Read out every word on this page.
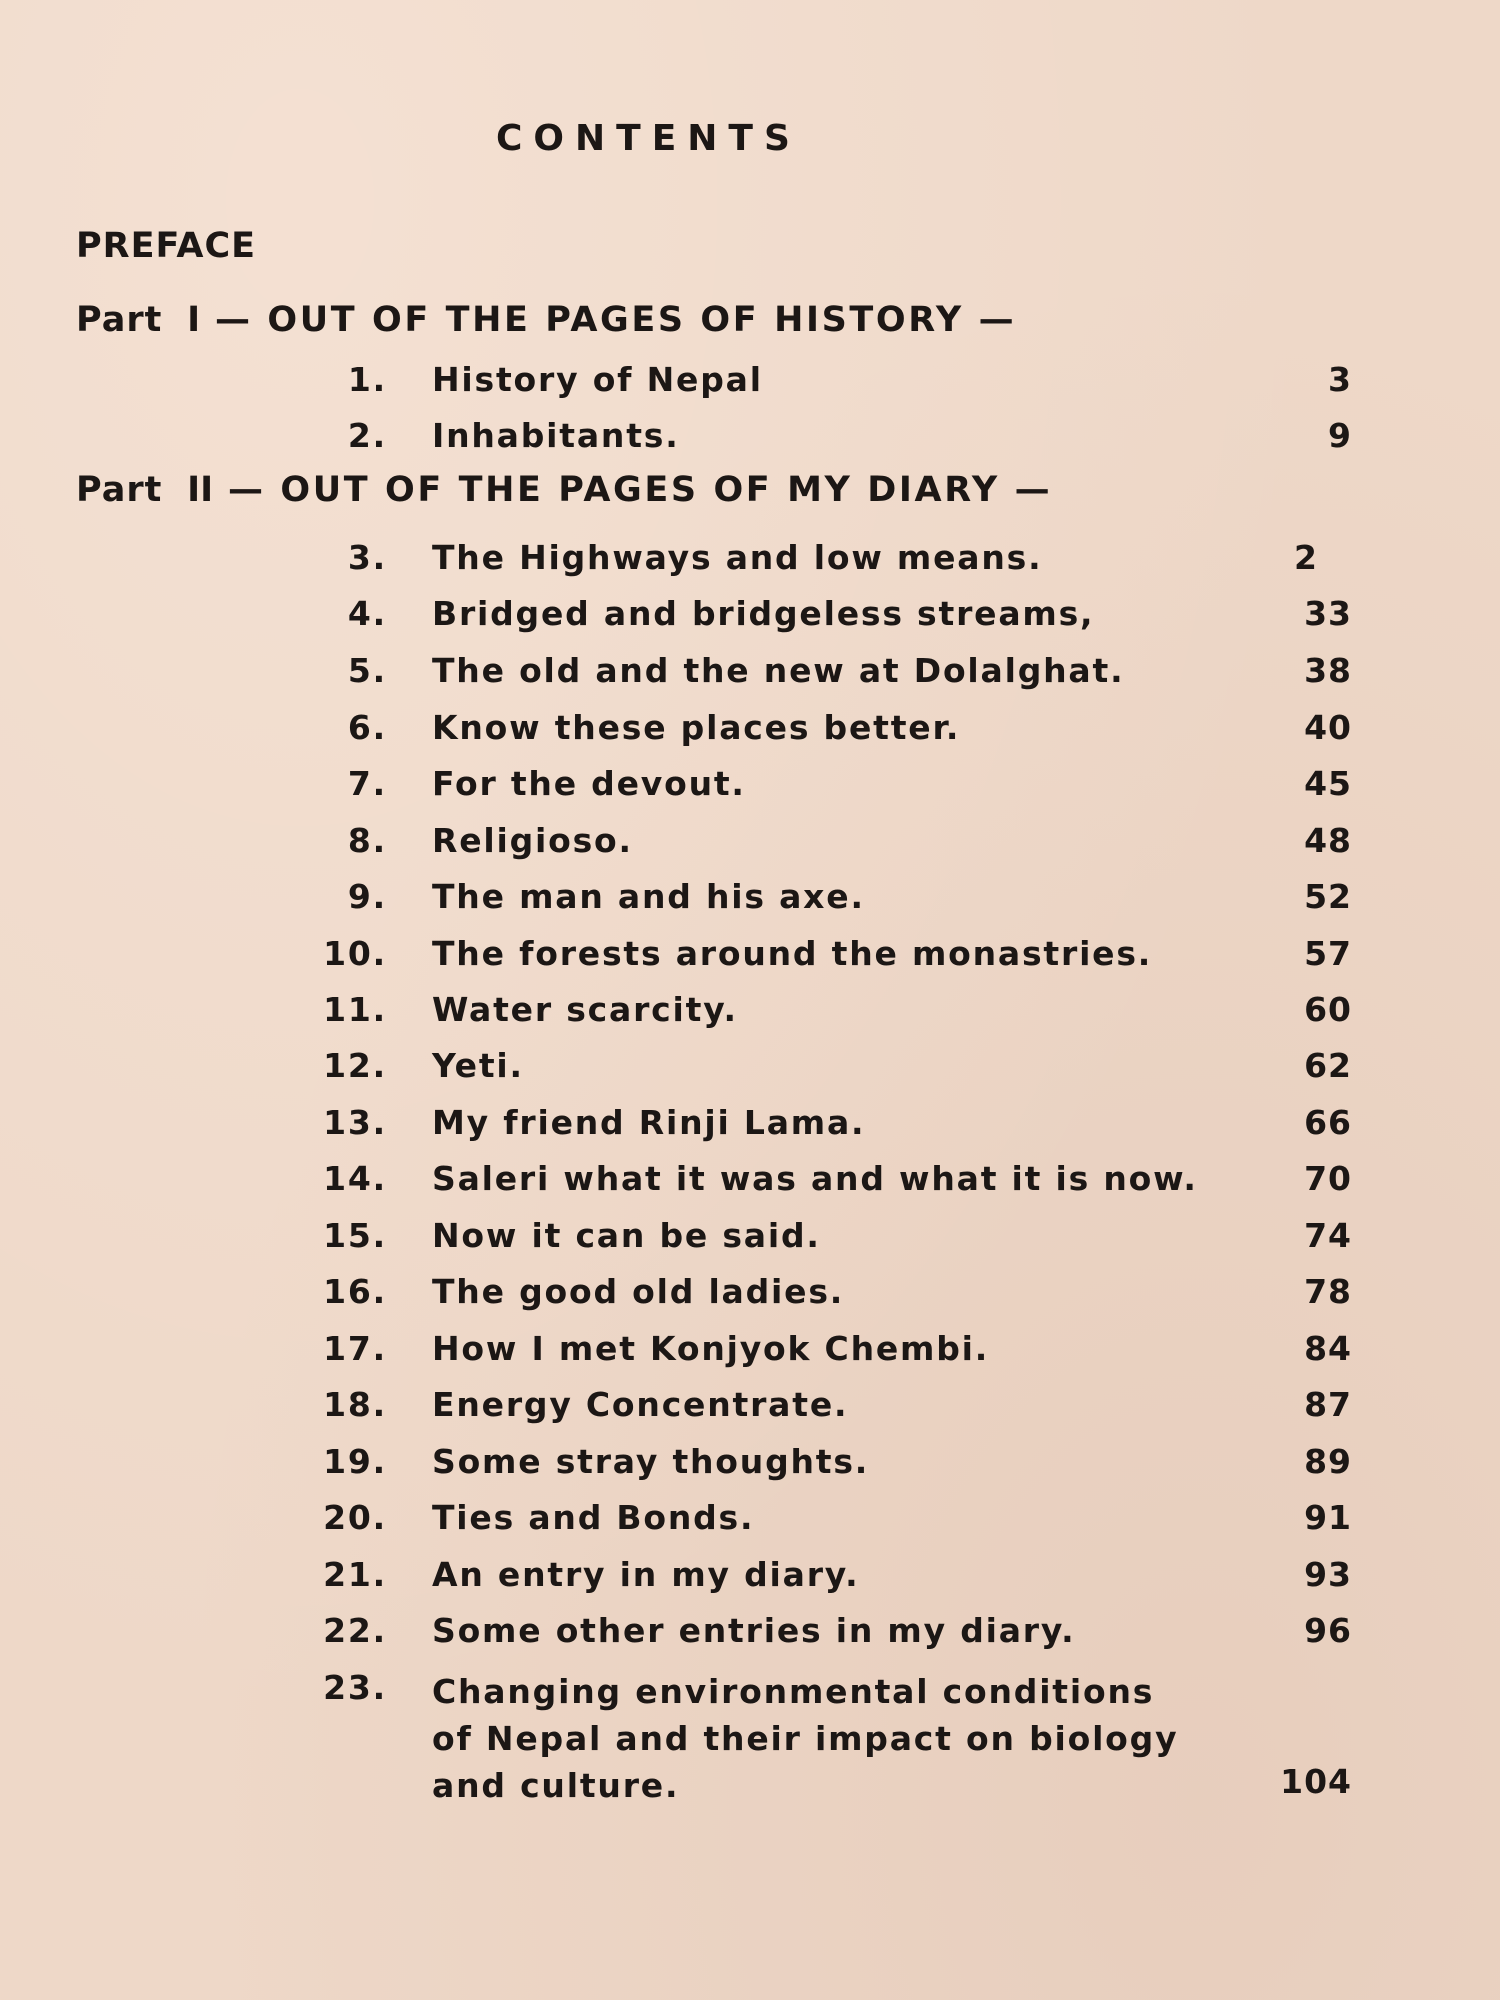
CONTENTS
PREFACE
Part I — OUT OF THE PAGES OF HISTORY —
1. History of Nepal	3
2. Inhabitants.	9
Part II — OUT OF THE PAGES OF MY DIARY —
3. The Highways and low means.	2
4. Bridged and bridgeless streams,	33
5. The old and the new at Dolalghat.	38
6. Know these places better.	40
7. For the devout.	45
8. Religioso.	48
9. The man and his axe.	52
10. The forests around the monastries.	57
11. Water scarcity.	60
12. Yeti.	62
13. My friend Rinji Lama.	66
14. Saleri what it was and what it is now.	70
15. Now it can be said.	74
16. The good old ladies.	78
17. How I met Konjyok Chembi.	84
18. Energy Concentrate.	87
19. Some stray thoughts.	89
20. Ties and Bonds.	91
21. An entry in my diary.	93
22. Some other entries in my diary.	96
23. Changing environmental conditions
of Nepal and their impact on biology
and culture.	104
